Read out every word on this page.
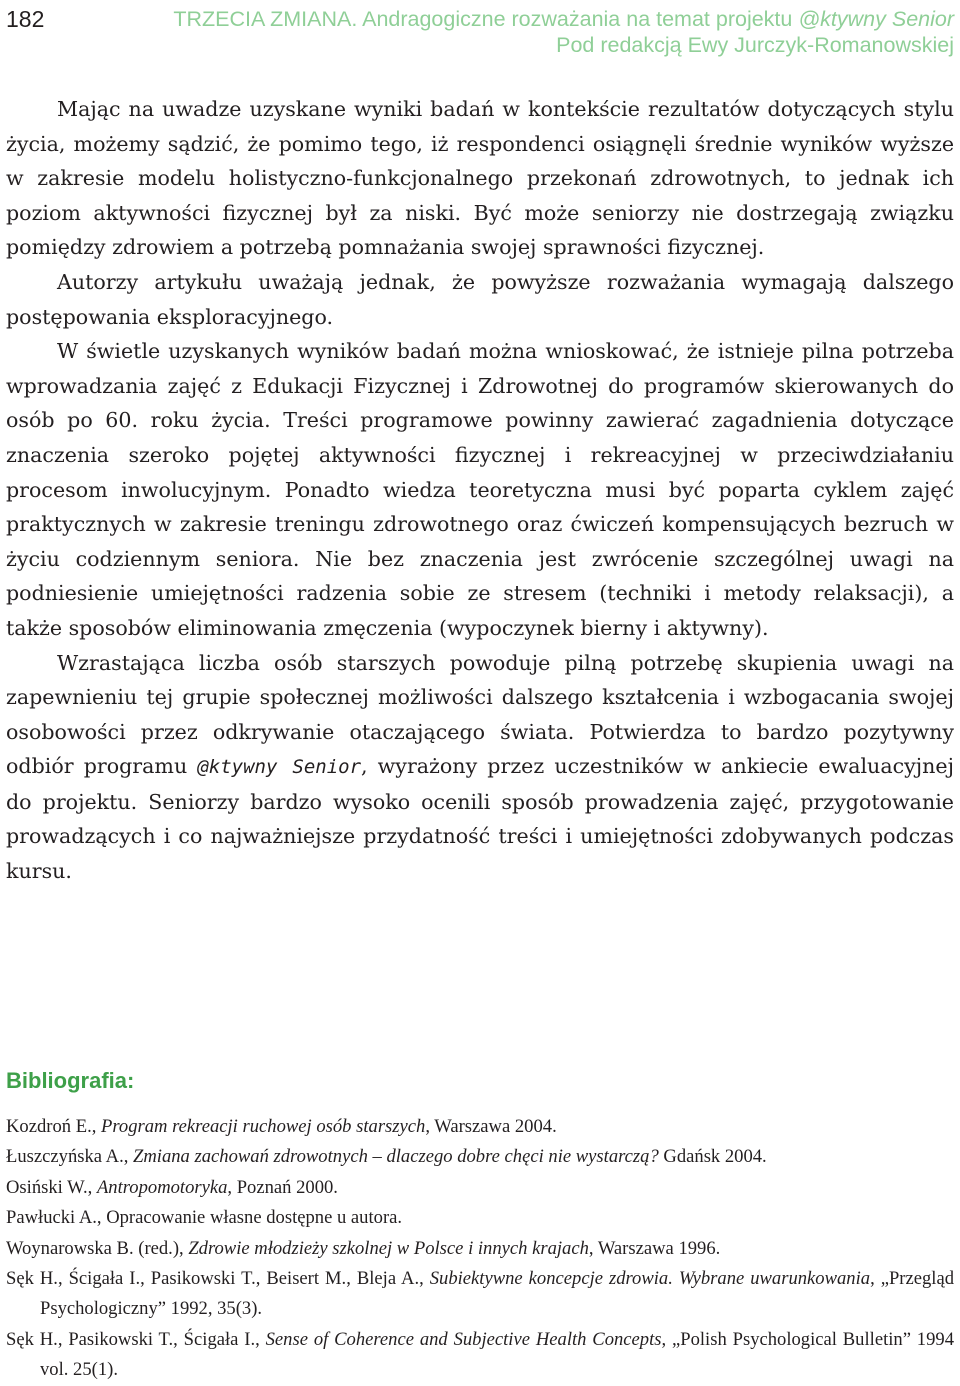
182	TRZECIA ZMIANA. Andragogiczne rozważania na temat projektu @ktywny Senior
Pod redakcją Ewy Jurczyk-Romanowskiej

Mając na uwadze uzyskane wyniki badań w kontekście rezultatów dotyczących stylu życia, możemy sądzić, że pomimo tego, iż respondenci osiągnęli średnie wyników wyższe w zakresie modelu holistyczno-funkcjonalnego przekonań zdrowotnych, to jednak ich poziom aktywności fizycznej był za niski. Być może seniorzy nie dostrzegają związku pomiędzy zdrowiem a potrzebą pomnażania swojej sprawności fizycznej.

Autorzy artykułu uważają jednak, że powyższe rozważania wymagają dalszego postępowania eksploracyjnego.

W świetle uzyskanych wyników badań można wnioskować, że istnieje pilna potrzeba wprowadzania zajęć z Edukacji Fizycznej i Zdrowotnej do programów skierowanych do osób po 60. roku życia. Treści programowe powinny zawierać zagadnienia dotyczące znaczenia szeroko pojętej aktywności fizycznej i rekreacyjnej w przeciwdziałaniu procesom inwolucyjnym. Ponadto wiedza teoretyczna musi być poparta cyklem zajęć praktycznych w zakresie treningu zdrowotnego oraz ćwiczeń kompensujących bezruch w życiu codziennym seniora. Nie bez znaczenia jest zwrócenie szczególnej uwagi na podniesienie umiejętności radzenia sobie ze stresem (techniki i metody relaksacji), a także sposobów eliminowania zmęczenia (wypoczynek bierny i aktywny).

Wzrastająca liczba osób starszych powoduje pilną potrzebę skupienia uwagi na zapewnieniu tej grupie społecznej możliwości dalszego kształcenia i wzbogacania swojej osobowości przez odkrywanie otaczającego świata. Potwierdza to bardzo pozytywny odbiór programu @ktywny Senior, wyrażony przez uczestników w ankiecie ewaluacyjnej do projektu. Seniorzy bardzo wysoko ocenili sposób prowadzenia zajęć, przygotowanie prowadzących i co najważniejsze przydatność treści i umiejętności zdobywanych podczas kursu.

Bibliografia:
Kozdroń E., Program rekreacji ruchowej osób starszych, Warszawa 2004.
Łuszczyńska A., Zmiana zachowań zdrowotnych – dlaczego dobre chęci nie wystarczą? Gdańsk 2004.
Osiński W., Antropomotoryka, Poznań 2000.
Pawłucki A., Opracowanie własne dostępne u autora.
Woynarowska B. (red.), Zdrowie młodzieży szkolnej w Polsce i innych krajach, Warszawa 1996.
Sęk H., Ścigała I., Pasikowski T., Beisert M., Bleja A., Subiektywne koncepcje zdrowia. Wybrane uwarunkowania, „Przegląd Psychologiczny” 1992, 35(3).
Sęk H., Pasikowski T., Ścigała I., Sense of Coherence and Subjective Health Concepts, „Polish Psychological Bulletin” 1994 vol. 25(1).
